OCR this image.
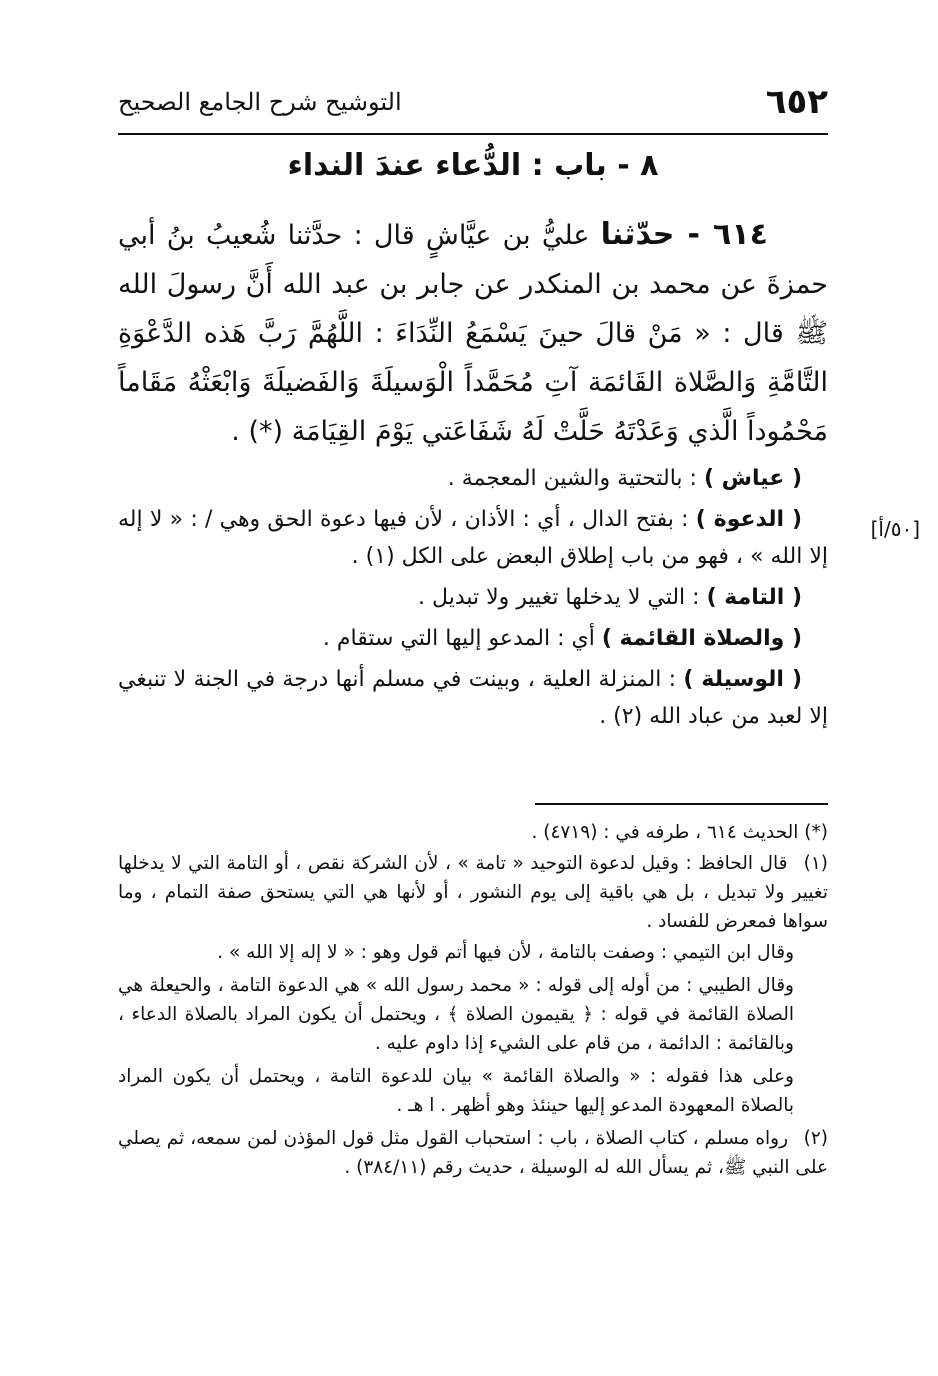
٦٥٢
التوشيح شرح الجامع الصحيح
٨ - باب : الدُّعاء عندَ النداء
[٥٠/أ]

٦١٤ - حدّثنا عليُّ بن عيَّاشٍ قال : حدَّثنا شُعيبُ بنُ أبي حمزةَ عن محمد بن المنكدر عن جابر بن عبد الله أَنَّ رسولَ الله ﷺ قال : « مَنْ قالَ حينَ يَسْمَعُ النِّدَاءَ : اللَّهُمَّ رَبَّ هَذه الدَّعْوَةِ التَّامَّةِ وَالصَّلاة القَائمَة آتِ مُحَمَّداً الْوَسيلَةَ وَالفَضيلَةَ وَابْعَثْهُ مَقَاماً مَحْمُوداً الَّذي وَعَدْتَهُ حَلَّتْ لَهُ شَفَاعَتي يَوْمَ القِيَامَة (*) .

( عياش ) : بالتحتية والشين المعجمة .

( الدعوة ) : بفتح الدال ، أي : الأذان ، لأن فيها دعوة الحق وهي / : « لا إله إلا الله » ، فهو من باب إطلاق البعض على الكل (١) .

( التامة ) : التي لا يدخلها تغيير ولا تبديل .

( والصلاة القائمة ) أي : المدعو إليها التي ستقام .

( الوسيلة ) : المنزلة العلية ، وبينت في مسلم أنها درجة في الجنة لا تنبغي إلا لعبد من عباد الله (٢) .

(*) الحديث ٦١٤ ، طرفه في : (٤٧١٩) .

(١) قال الحافظ : وقيل لدعوة التوحيد « تامة » ، لأن الشركة نقص ، أو التامة التي لا يدخلها تغيير ولا تبديل ، بل هي باقية إلى يوم النشور ، أو لأنها هي التي يستحق صفة التمام ، وما سواها فمعرض للفساد .

وقال ابن التيمي : وصفت بالتامة ، لأن فيها أتم قول وهو : « لا إله إلا الله » .

وقال الطيبي : من أوله إلى قوله : « محمد رسول الله » هي الدعوة التامة ، والحيعلة هي الصلاة القائمة في قوله : ﴿ يقيمون الصلاة ﴾ ، ويحتمل أن يكون المراد بالصلاة الدعاء ، وبالقائمة : الدائمة ، من قام على الشيء إذا داوم عليه .

وعلى هذا فقوله : « والصلاة القائمة » بيان للدعوة التامة ، ويحتمل أن يكون المراد بالصلاة المعهودة المدعو إليها حينئذ وهو أظهر . ا هـ .

(٢) رواه مسلم ، كتاب الصلاة ، باب : استحباب القول مثل قول المؤذن لمن سمعه، ثم يصلي على النبي ﷺ، ثم يسأل الله له الوسيلة ، حديث رقم (٣٨٤/١١) .
